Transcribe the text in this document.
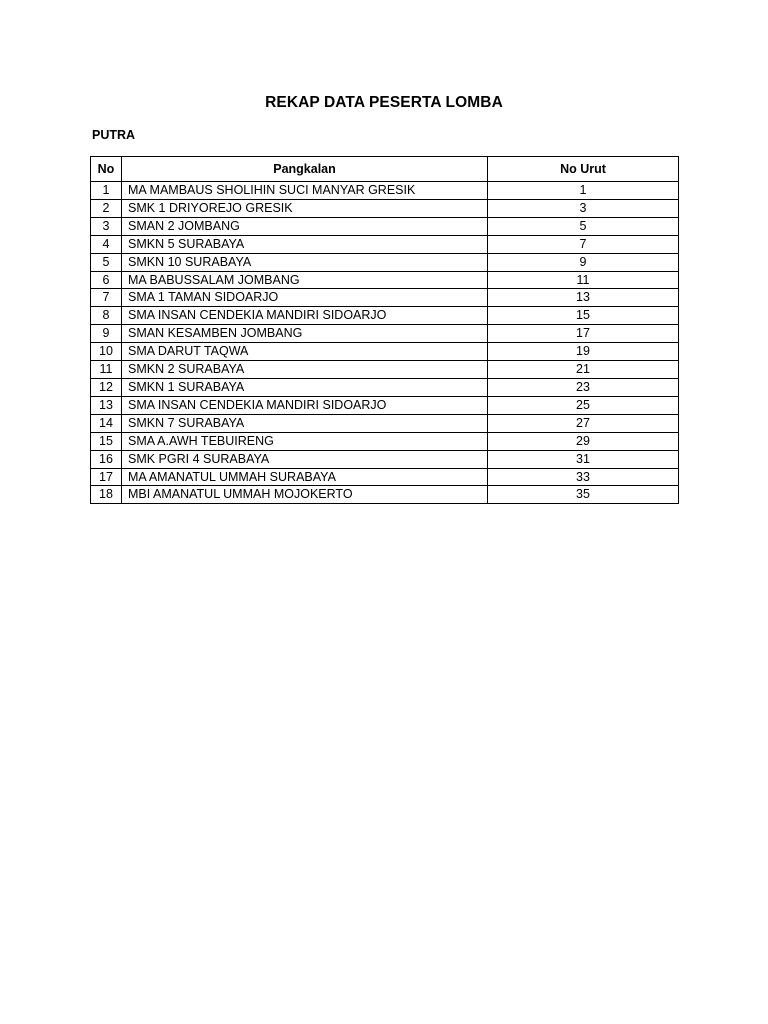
REKAP DATA PESERTA LOMBA
PUTRA
No	Pangkalan	No Urut
1	MA MAMBAUS SHOLIHIN SUCI MANYAR GRESIK	1
2	SMK 1 DRIYOREJO GRESIK	3
3	SMAN 2 JOMBANG	5
4	SMKN 5 SURABAYA	7
5	SMKN 10 SURABAYA	9
6	MA BABUSSALAM JOMBANG	11
7	SMA 1 TAMAN SIDOARJO	13
8	SMA INSAN CENDEKIA MANDIRI SIDOARJO	15
9	SMAN KESAMBEN JOMBANG	17
10	SMA DARUT TAQWA	19
11	SMKN 2 SURABAYA	21
12	SMKN 1 SURABAYA	23
13	SMA INSAN CENDEKIA MANDIRI SIDOARJO	25
14	SMKN 7 SURABAYA	27
15	SMA A.AWH TEBUIRENG	29
16	SMK PGRI 4 SURABAYA	31
17	MA AMANATUL UMMAH SURABAYA	33
18	MBI AMANATUL UMMAH MOJOKERTO	35
